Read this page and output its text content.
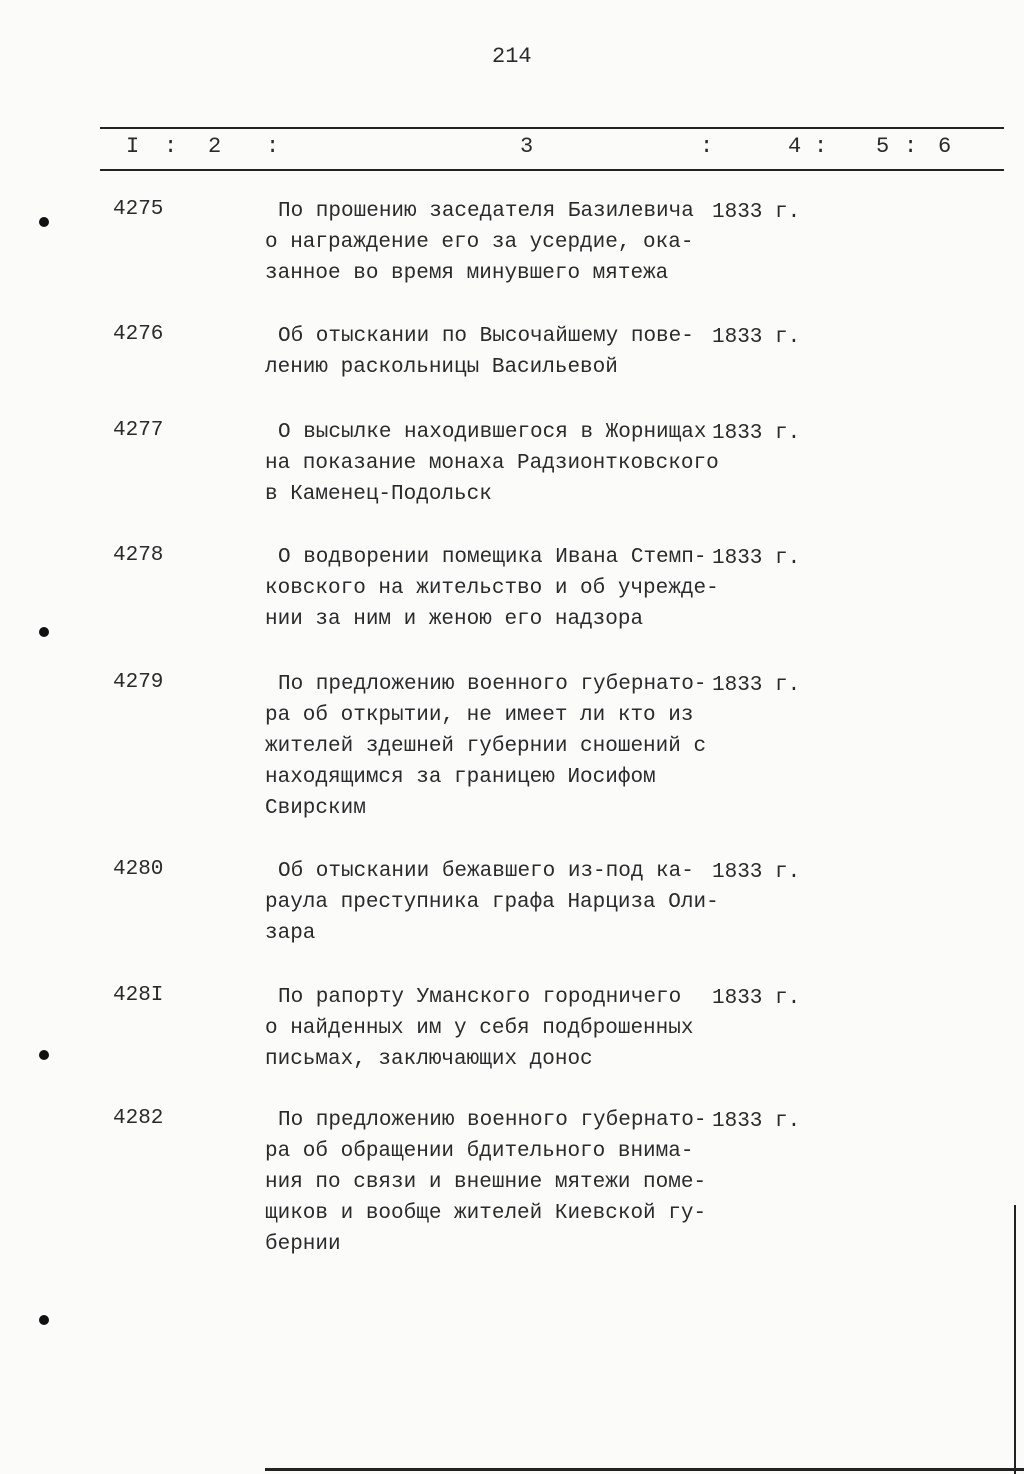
214
I : 2 :	3	:	4 : 5 : 6
4275	По прошению заседателя Базилевича
о награждение его за усердие, ока-
занное во время минувшего мятежа
1833 г.
4276	Об отыскании по Высочайшему пове-
лению раскольницы Васильевой
1833 г.
4277	О высылке находившегося в Жорнищах
на показание монаха Радзионтковского
в Каменец-Подольск
1833 г.
4278	О водворении помещика Ивана Стемп-
ковского на жительство и об учрежде-
нии за ним и женою его надзора
1833 г.
4279	По предложению военного губернато-
ра об открытии, не имеет ли кто из
жителей здешней губернии сношений с
находящимся за границею Иосифом
Свирским
1833 г.
4280	Об отыскании бежавшего из-под ка-
раула преступника графа Нарциза Оли-
зара
1833 г.
428I	По рапорту Уманского городничего
о найденных им у себя подброшенных
письмах, заключающих донос
1833 г.
4282	По предложению военного губернато-
ра об обращении бдительного внима-
ния по связи и внешние мятежи поме-
щиков и вообще жителей Киевской гу-
бернии
1833 г.
